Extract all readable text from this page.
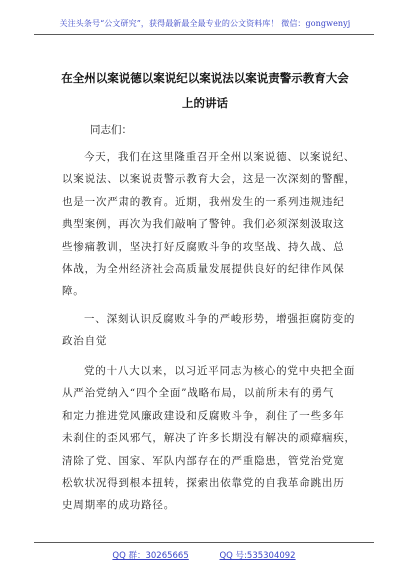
关注头条号“公文研究”，获得最新最全最专业的公文资料库！ 微信：gongwenyj
在全州以案说德以案说纪以案说法以案说责警示教育大会
上的讲话
同志们：
今天，我们在这里隆重召开全州以案说德、以案说纪、
以案说法、以案说责警示教育大会，这是一次深刻的警醒，
也是一次严肃的教育。近期，我州发生的一系列违规违纪
典型案例，再次为我们敲响了警钟。我们必须深刻汲取这
些惨痛教训，坚决打好反腐败斗争的攻坚战、持久战、总
体战，为全州经济社会高质量发展提供良好的纪律作风保
障。
一、深刻认识反腐败斗争的严峻形势，增强拒腐防变的
政治自觉
党的十八大以来，以习近平同志为核心的党中央把全面
从严治党纳入“四个全面”战略布局，以前所未有的勇气
和定力推进党风廉政建设和反腐败斗争，刹住了一些多年
未刹住的歪风邪气，解决了许多长期没有解决的顽瘴痼疾，
清除了党、国家、军队内部存在的严重隐患，管党治党宽
松软状况得到根本扭转，探索出依靠党的自我革命跳出历
史周期率的成功路径。
QQ 群：30265665	QQ 号:535304092
